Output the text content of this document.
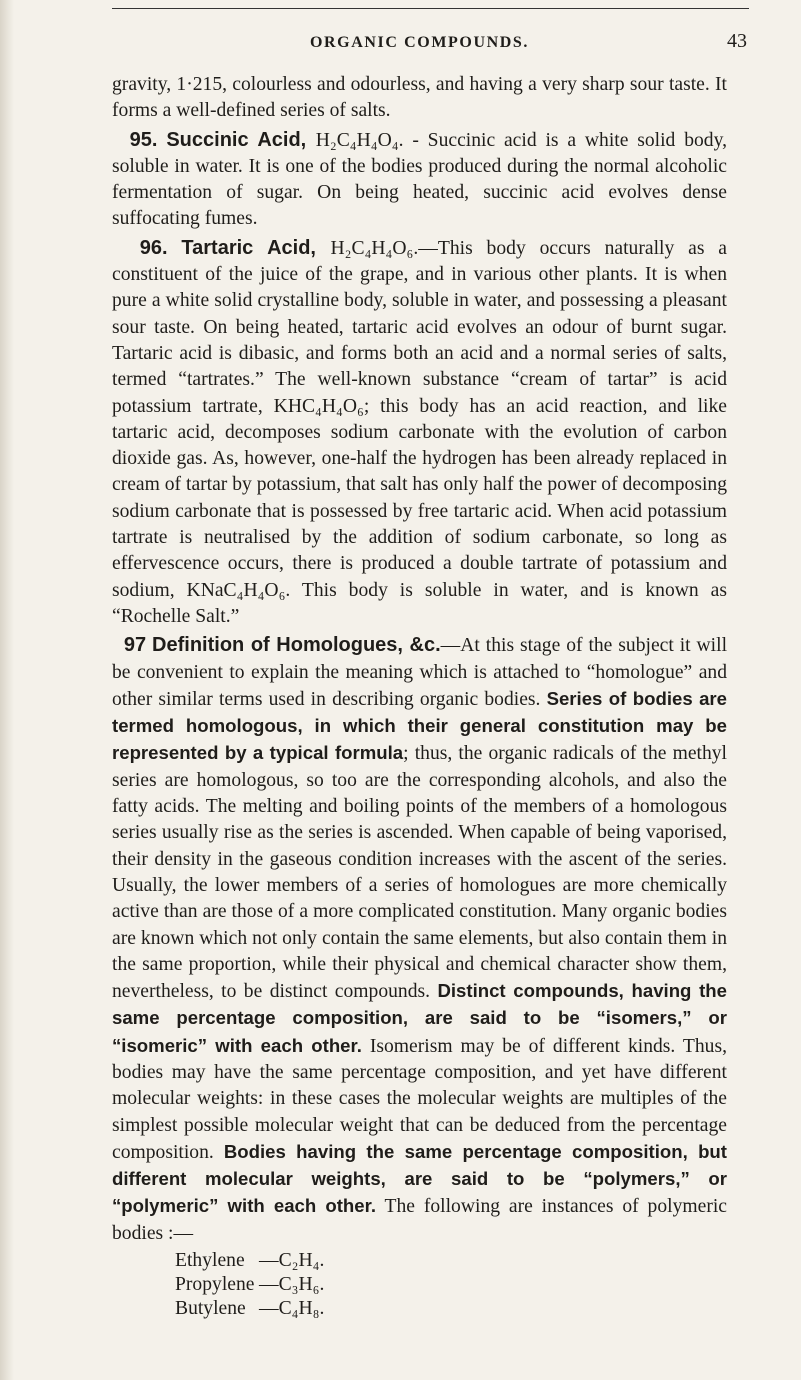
ORGANIC COMPOUNDS.	43

gravity, 1·215, colourless and odourless, and having a very sharp sour taste. It forms a well-defined series of salts.

95. Succinic Acid, H₂C₄H₄O₄. - Succinic acid is a white solid body, soluble in water. It is one of the bodies produced during the normal alcoholic fermentation of sugar. On being heated, succinic acid evolves dense suffocating fumes.

96. Tartaric Acid, H₂C₄H₄O₆.—This body occurs naturally as a constituent of the juice of the grape, and in various other plants. It is when pure a white solid crystalline body, soluble in water, and possessing a pleasant sour taste. On being heated, tartaric acid evolves an odour of burnt sugar. Tartaric acid is dibasic, and forms both an acid and a normal series of salts, termed “tartrates.” The well-known substance “cream of tartar” is acid potassium tartrate, KHC₄H₄O₆; this body has an acid reaction, and like tartaric acid, decomposes sodium carbonate with the evolution of carbon dioxide gas. As, however, one-half the hydrogen has been already replaced in cream of tartar by potassium, that salt has only half the power of decomposing sodium carbonate that is possessed by free tartaric acid. When acid potassium tartrate is neutralised by the addition of sodium carbonate, so long as effervescence occurs, there is produced a double tartrate of potassium and sodium, KNaC₄H₄O₆. This body is soluble in water, and is known as “Rochelle Salt.”

97 Definition of Homologues, &c.—At this stage of the subject it will be convenient to explain the meaning which is attached to “homologue” and other similar terms used in describing organic bodies. Series of bodies are termed homologous, in which their general constitution may be represented by a typical formula; thus, the organic radicals of the methyl series are homologous, so too are the corresponding alcohols, and also the fatty acids. The melting and boiling points of the members of a homologous series usually rise as the series is ascended. When capable of being vaporised, their density in the gaseous condition increases with the ascent of the series. Usually, the lower members of a series of homologues are more chemically active than are those of a more complicated constitution. Many organic bodies are known which not only contain the same elements, but also contain them in the same proportion, while their physical and chemical character show them, nevertheless, to be distinct compounds. Distinct compounds, having the same percentage composition, are said to be “isomers,” or “isomeric” with each other. Isomerism may be of different kinds. Thus, bodies may have the same percentage composition, and yet have different molecular weights: in these cases the molecular weights are multiples of the simplest possible molecular weight that can be deduced from the percentage composition. Bodies having the same percentage composition, but different molecular weights, are said to be “polymers,” or “polymeric” with each other. The following are instances of polymeric bodies :—

Ethylene —C₂H₄.
Propylene —C₃H₆.
Butylene —C₄H₈.
